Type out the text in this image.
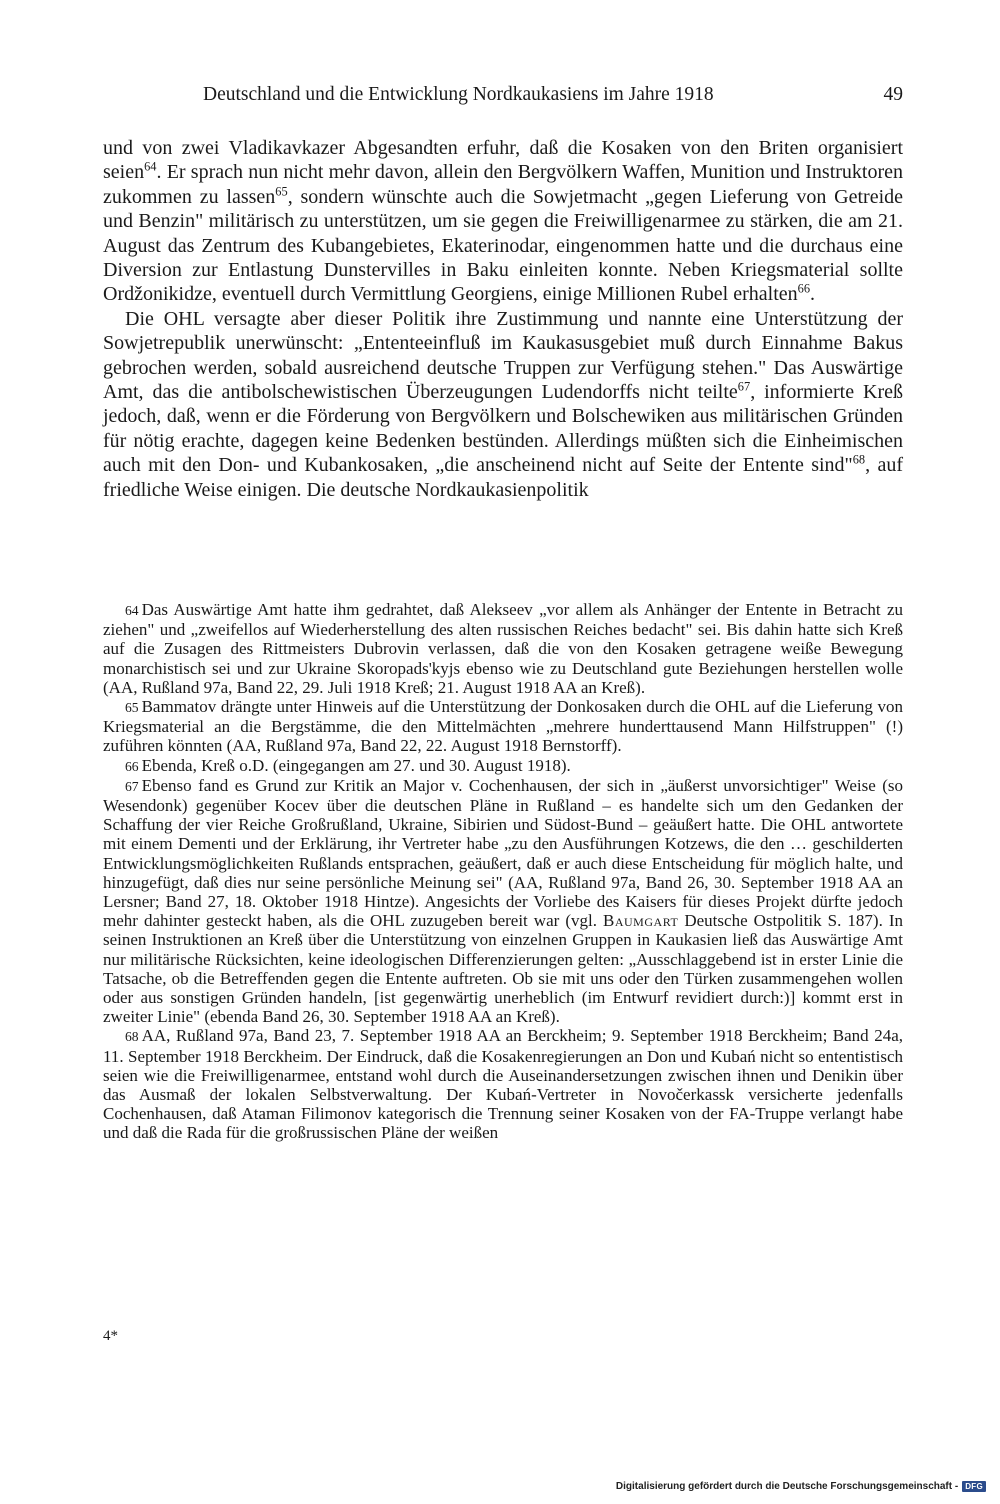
Deutschland und die Entwicklung Nordkaukasiens im Jahre 1918	49

und von zwei Vladikavkazer Abgesandten erfuhr, daß die Kosaken von den Briten organisiert seien$^{64}$. Er sprach nun nicht mehr davon, allein den Bergvölkern Waffen, Munition und Instruktoren zukommen zu lassen$^{65}$, sondern wünschte auch die Sowjetmacht „gegen Lieferung von Getreide und Benzin" militärisch zu unterstützen, um sie gegen die Freiwilligenarmee zu stärken, die am 21. August das Zentrum des Kubangebietes, Ekaterinodar, eingenommen hatte und die durchaus eine Diversion zur Entlastung Dunstervilles in Baku einleiten konnte. Neben Kriegsmaterial sollte Ordžonikidze, eventuell durch Vermittlung Georgiens, einige Millionen Rubel erhalten$^{66}$.

Die OHL versagte aber dieser Politik ihre Zustimmung und nannte eine Unterstützung der Sowjetrepublik unerwünscht: „Ententeeinfluß im Kaukasusgebiet muß durch Einnahme Bakus gebrochen werden, sobald ausreichend deutsche Truppen zur Verfügung stehen." Das Auswärtige Amt, das die antibolschewistischen Überzeugungen Ludendorffs nicht teilte$^{67}$, informierte Kreß jedoch, daß, wenn er die Förderung von Bergvölkern und Bolschewiken aus militärischen Gründen für nötig erachte, dagegen keine Bedenken bestünden. Allerdings müßten sich die Einheimischen auch mit den Don- und Kubankosaken, „die anscheinend nicht auf Seite der Entente sind"$^{68}$, auf friedliche Weise einigen. Die deutsche Nordkaukasienpolitik

64 Das Auswärtige Amt hatte ihm gedrahtet, daß Alekseev „vor allem als Anhänger der Entente in Betracht zu ziehen" und „zweifellos auf Wiederherstellung des alten russischen Reiches bedacht" sei. Bis dahin hatte sich Kreß auf die Zusagen des Rittmeisters Dubrovin verlassen, daß die von den Kosaken getragene weiße Bewegung monarchistisch sei und zur Ukraine Skoropads'kyjs ebenso wie zu Deutschland gute Beziehungen herstellen wolle (AA, Rußland 97a, Band 22, 29. Juli 1918 Kreß; 21. August 1918 AA an Kreß).

65 Bammatov drängte unter Hinweis auf die Unterstützung der Donkosaken durch die OHL auf die Lieferung von Kriegsmaterial an die Bergstämme, die den Mittelmächten „mehrere hunderttausend Mann Hilfstruppen" (!) zuführen könnten (AA, Rußland 97a, Band 22, 22. August 1918 Bernstorff).

66 Ebenda, Kreß o.D. (eingegangen am 27. und 30. August 1918).

67 Ebenso fand es Grund zur Kritik an Major v. Cochenhausen, der sich in „äußerst unvorsichtiger" Weise (so Wesendonk) gegenüber Kocev über die deutschen Pläne in Rußland – es handelte sich um den Gedanken der Schaffung der vier Reiche Großrußland, Ukraine, Sibirien und Südost-Bund – geäußert hatte. Die OHL antwortete mit einem Dementi und der Erklärung, ihr Vertreter habe „zu den Ausführungen Kotzews, die den … geschilderten Entwicklungsmöglichkeiten Rußlands entsprachen, geäußert, daß er auch diese Entscheidung für möglich halte, und hinzugefügt, daß dies nur seine persönliche Meinung sei" (AA, Rußland 97a, Band 26, 30. September 1918 AA an Lersner; Band 27, 18. Oktober 1918 Hintze). Angesichts der Vorliebe des Kaisers für dieses Projekt dürfte jedoch mehr dahinter gesteckt haben, als die OHL zuzugeben bereit war (vgl. Baumgart Deutsche Ostpolitik S. 187). In seinen Instruktionen an Kreß über die Unterstützung von einzelnen Gruppen in Kaukasien ließ das Auswärtige Amt nur militärische Rücksichten, keine ideologischen Differenzierungen gelten: „Ausschlaggebend ist in erster Linie die Tatsache, ob die Betreffenden gegen die Entente auftreten. Ob sie mit uns oder den Türken zusammengehen wollen oder aus sonstigen Gründen handeln, [ist gegenwärtig unerheblich (im Entwurf revidiert durch:)] kommt erst in zweiter Linie" (ebenda Band 26, 30. September 1918 AA an Kreß).

68 AA, Rußland 97a, Band 23, 7. September 1918 AA an Berckheim; 9. September 1918 Berckheim; Band 24a, 11. September 1918 Berckheim. Der Eindruck, daß die Kosakenregierungen an Don und Kubań nicht so ententistisch seien wie die Freiwilligenarmee, entstand wohl durch die Auseinandersetzungen zwischen ihnen und Denikin über das Ausmaß der lokalen Selbstverwaltung. Der Kubań-Vertreter in Novočerkassk versicherte jedenfalls Cochenhausen, daß Ataman Filimonov kategorisch die Trennung seiner Kosaken von der FA-Truppe verlangt habe und daß die Rada für die großrussischen Pläne der weißen

4*
Digitalisierung gefördert durch die Deutsche Forschungsgemeinschaft - DFG
